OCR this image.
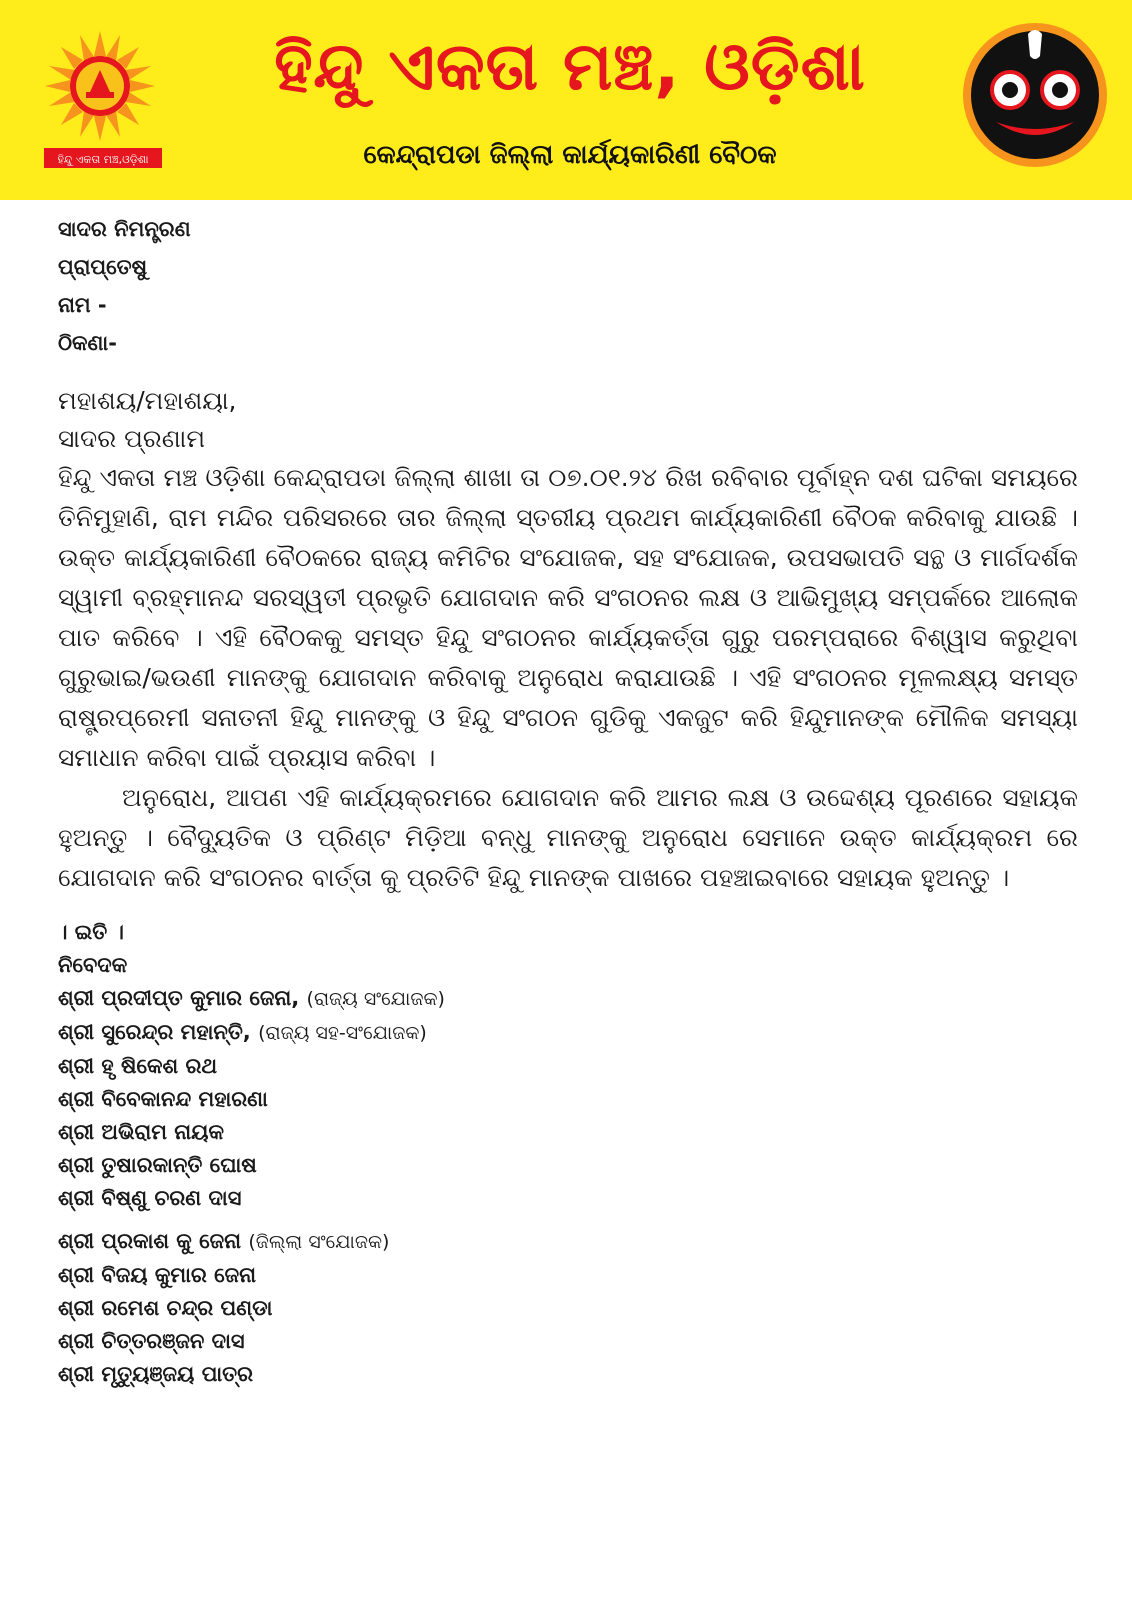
ହିନ୍ଦୁ ଏକତା ମଞ୍ଚ,ଓଡ଼ିଶା
ହିନ୍ଦୁ ଏକତା ମଞ୍ଚ, ଓଡ଼ିଶା
କେନ୍ଦ୍ରାପଡା ଜିଲ୍ଲା କାର୍ଯ୍ୟକାରିଣୀ ବୈଠକ
ସାଦର ନିମନ୍ତ୍ରଣ
ପ୍ରାପ୍ତେଷୁ
ନାମ -
ଠିକଣା-
ମହାଶୟ/ମହାଶୟା,
ସାଦର ପ୍ରଣାମ

ହିନ୍ଦୁ ଏକତା ମଞ୍ଚ ଓଡ଼ିଶା କେନ୍ଦ୍ରାପଡା ଜିଲ୍ଲା ଶାଖା ତା ୦୭.୦୧.୨୪ ରିଖ ରବିବାର ପୂର୍ବାହ୍ନ ଦଶ ଘଟିକା ସମୟରେ ତିନିମୁହାଣି, ରାମ ମନ୍ଦିର ପରିସରରେ ତାର ଜିଲ୍ଲା ସ୍ତରୀୟ ପ୍ରଥମ କାର୍ଯ୍ୟକାରିଣୀ ବୈଠକ କରିବାକୁ ଯାଉଛି । ଉକ୍ତ କାର୍ଯ୍ୟକାରିଣୀ ବୈଠକରେ ରାଜ୍ୟ କମିଟିର ସଂଯୋଜକ, ସହ ସଂଯୋଜକ, ଉପସଭାପତି ସନ୍ଥ ଓ ମାର୍ଗଦର୍ଶକ ସ୍ୱାମୀ ବ୍ରହ୍ମାନନ୍ଦ ସରସ୍ୱତୀ ପ୍ରଭୃତି ଯୋଗଦାନ କରି ସଂଗଠନର ଲକ୍ଷ ଓ ଆଭିମୁଖ୍ୟ ସମ୍ପର୍କରେ ଆଲୋକ ପାତ କରିବେ । ଏହି ବୈଠକକୁ ସମସ୍ତ ହିନ୍ଦୁ ସଂଗଠନର କାର୍ଯ୍ୟକର୍ତ୍ତା ଗୁରୁ ପରମ୍ପରାରେ ବିଶ୍ୱାସ କରୁଥିବା ଗୁରୁଭାଇ/ଭଉଣୀ ମାନଙ୍କୁ ଯୋଗଦାନ କରିବାକୁ ଅନୁରୋଧ କରାଯାଉଛି । ଏହି ସଂଗଠନର ମୂଳଲକ୍ଷ୍ୟ ସମସ୍ତ ରାଷ୍ଟ୍ରପ୍ରେମୀ ସନାତନୀ ହିନ୍ଦୁ ମାନଙ୍କୁ ଓ ହିନ୍ଦୁ ସଂଗଠନ ଗୁଡିକୁ ଏକଜୁଟ କରି ହିନ୍ଦୁମାନଙ୍କ ମୌଳିକ ସମସ୍ୟା ସମାଧାନ କରିବା ପାଇଁ ପ୍ରୟାସ କରିବା ।

ଅନୁରୋଧ, ଆପଣ ଏହି କାର୍ଯ୍ୟକ୍ରମରେ ଯୋଗଦାନ କରି ଆମର ଲକ୍ଷ ଓ ଉଦ୍ଦେଶ୍ୟ ପୂରଣରେ ସହାୟକ ହୁଅନ୍ତୁ । ବୈଦ୍ୟୁତିକ ଓ ପ୍ରିଣ୍ଟ ମିଡ଼ିଆ ବନ୍ଧୁ ମାନଙ୍କୁ ଅନୁରୋଧ ସେମାନେ ଉକ୍ତ କାର୍ଯ୍ୟକ୍ରମ ରେ ଯୋଗଦାନ କରି ସଂଗଠନର ବାର୍ତ୍ତା କୁ ପ୍ରତିଟି ହିନ୍ଦୁ ମାନଙ୍କ ପାଖରେ ପହଞ୍ଚାଇବାରେ ସହାୟକ ହୁଅନ୍ତୁ ।

। ଇତି ।
ନିବେଦକ
ଶ୍ରୀ ପ୍ରଦୀପ୍ତ କୁମାର ଜେନା, (ରାଜ୍ୟ ସଂଯୋଜକ)
ଶ୍ରୀ ସୁରେନ୍ଦ୍ର ମହାନ୍ତି, (ରାଜ୍ୟ ସହ-ସଂଯୋଜକ)
ଶ୍ରୀ ହୃ ଷିକେଶ ରଥ
ଶ୍ରୀ ବିବେକାନନ୍ଦ ମହାରଣା
ଶ୍ରୀ ଅଭିରାମ ନାୟକ
ଶ୍ରୀ ତୁଷାରକାନ୍ତି ଘୋଷ
ଶ୍ରୀ ବିଷ୍ଣୁ ଚରଣ ଦାସ
ଶ୍ରୀ ପ୍ରକାଶ କୁ ଜେନା (ଜିଲ୍ଲା ସଂଯୋଜକ)
ଶ୍ରୀ ବିଜୟ କୁମାର ଜେନା
ଶ୍ରୀ ରମେଶ ଚନ୍ଦ୍ର ପଣ୍ଡା
ଶ୍ରୀ ଚିତ୍ତରଞ୍ଜନ ଦାସ
ଶ୍ରୀ ମୃତ୍ୟୁଞ୍ଜୟ ପାତ୍ର
